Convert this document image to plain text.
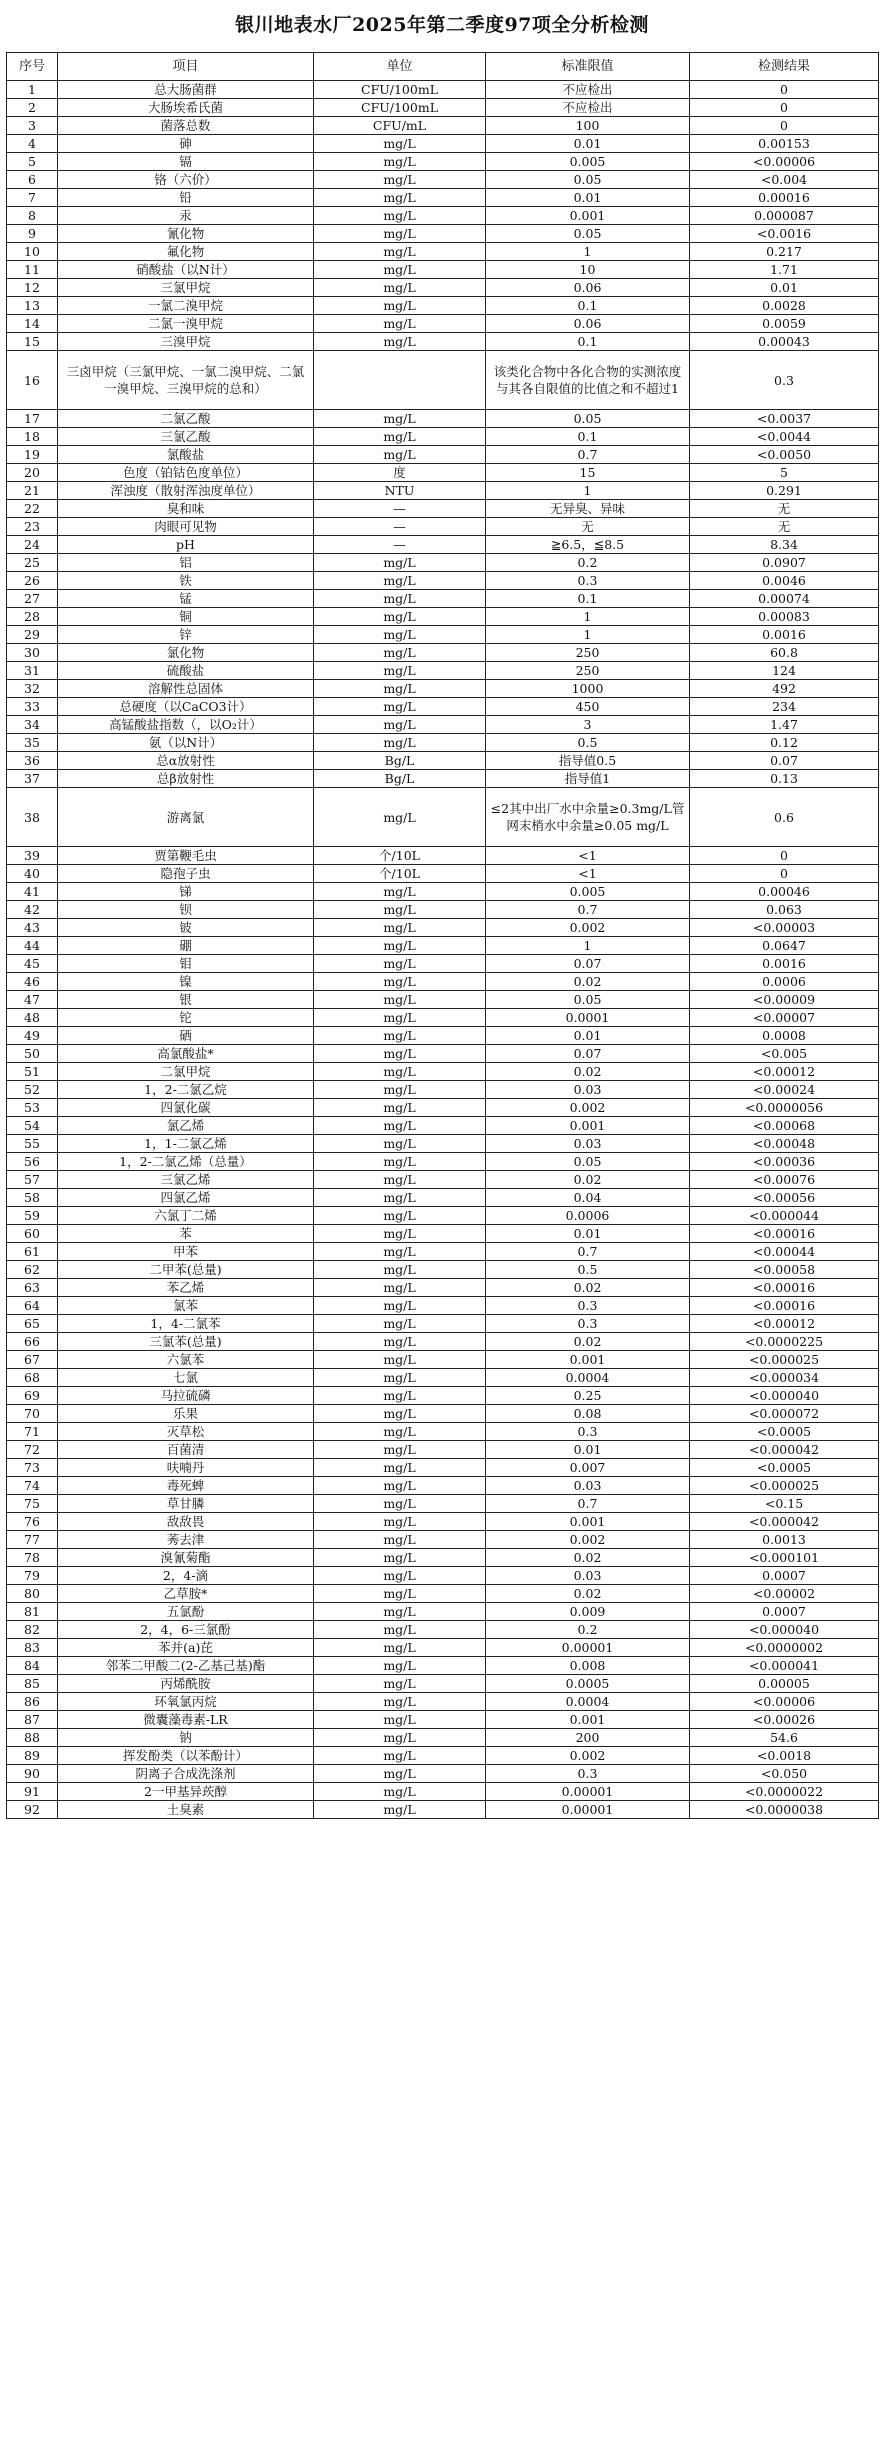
银川地表水厂2025年第二季度97项全分析检测
序号	项目	单位	标准限值	检测结果
1	总大肠菌群	CFU/100mL	不应检出	0
2	大肠埃希氏菌	CFU/100mL	不应检出	0
3	菌落总数	CFU/mL	100	0
4	砷	mg/L	0.01	0.00153
5	镉	mg/L	0.005	<0.00006
6	铬（六价）	mg/L	0.05	<0.004
7	铅	mg/L	0.01	0.00016
8	汞	mg/L	0.001	0.000087
9	氰化物	mg/L	0.05	<0.0016
10	氟化物	mg/L	1	0.217
11	硝酸盐（以N计）	mg/L	10	1.71
12	三氯甲烷	mg/L	0.06	0.01
13	一氯二溴甲烷	mg/L	0.1	0.0028
14	二氯一溴甲烷	mg/L	0.06	0.0059
15	三溴甲烷	mg/L	0.1	0.00043
16	三卤甲烷（三氯甲烷、一氯二溴甲烷、二氯一溴甲烷、三溴甲烷的总和）		该类化合物中各化合物的实测浓度与其各自限值的比值之和不超过1	0.3
17	二氯乙酸	mg/L	0.05	<0.0037
18	三氯乙酸	mg/L	0.1	<0.0044
19	氯酸盐	mg/L	0.7	<0.0050
20	色度（铂钴色度单位）	度	15	5
21	浑浊度（散射浑浊度单位）	NTU	1	0.291
22	臭和味	—	无异臭、异味	无
23	肉眼可见物	—	无	无
24	pH	—	≧6.5，≦8.5	8.34
25	铝	mg/L	0.2	0.0907
26	铁	mg/L	0.3	0.0046
27	锰	mg/L	0.1	0.00074
28	铜	mg/L	1	0.00083
29	锌	mg/L	1	0.0016
30	氯化物	mg/L	250	60.8
31	硫酸盐	mg/L	250	124
32	溶解性总固体	mg/L	1000	492
33	总硬度（以CaCO3计）	mg/L	450	234
34	高锰酸盐指数（，以O₂计）	mg/L	3	1.47
35	氨（以N计）	mg/L	0.5	0.12
36	总α放射性	Bg/L	指导值0.5	0.07
37	总β放射性	Bg/L	指导值1	0.13
38	游离氯	mg/L	≤2其中出厂水中余量≥0.3mg/L管网末梢水中余量≥0.05 mg/L	0.6
39	贾第鞭毛虫	个/10L	<1	0
40	隐孢子虫	个/10L	<1	0
41	锑	mg/L	0.005	0.00046
42	钡	mg/L	0.7	0.063
43	铍	mg/L	0.002	<0.00003
44	硼	mg/L	1	0.0647
45	钼	mg/L	0.07	0.0016
46	镍	mg/L	0.02	0.0006
47	银	mg/L	0.05	<0.00009
48	铊	mg/L	0.0001	<0.00007
49	硒	mg/L	0.01	0.0008
50	高氯酸盐*	mg/L	0.07	<0.005
51	二氯甲烷	mg/L	0.02	<0.00012
52	1，2-二氯乙烷	mg/L	0.03	<0.00024
53	四氯化碳	mg/L	0.002	<0.0000056
54	氯乙烯	mg/L	0.001	<0.00068
55	1，1-二氯乙烯	mg/L	0.03	<0.00048
56	1，2-二氯乙烯（总量）	mg/L	0.05	<0.00036
57	三氯乙烯	mg/L	0.02	<0.00076
58	四氯乙烯	mg/L	0.04	<0.00056
59	六氯丁二烯	mg/L	0.0006	<0.000044
60	苯	mg/L	0.01	<0.00016
61	甲苯	mg/L	0.7	<0.00044
62	二甲苯(总量)	mg/L	0.5	<0.00058
63	苯乙烯	mg/L	0.02	<0.00016
64	氯苯	mg/L	0.3	<0.00016
65	1，4-二氯苯	mg/L	0.3	<0.00012
66	三氯苯(总量)	mg/L	0.02	<0.0000225
67	六氯苯	mg/L	0.001	<0.000025
68	七氯	mg/L	0.0004	<0.000034
69	马拉硫磷	mg/L	0.25	<0.000040
70	乐果	mg/L	0.08	<0.000072
71	灭草松	mg/L	0.3	<0.0005
72	百菌清	mg/L	0.01	<0.000042
73	呋喃丹	mg/L	0.007	<0.0005
74	毒死蜱	mg/L	0.03	<0.000025
75	草甘膦	mg/L	0.7	<0.15
76	敌敌畏	mg/L	0.001	<0.000042
77	莠去津	mg/L	0.002	0.0013
78	溴氰菊酯	mg/L	0.02	<0.000101
79	2，4-滴	mg/L	0.03	0.0007
80	乙草胺*	mg/L	0.02	<0.00002
81	五氯酚	mg/L	0.009	0.0007
82	2，4，6-三氯酚	mg/L	0.2	<0.000040
83	苯并(a)芘	mg/L	0.00001	<0.0000002
84	邻苯二甲酸二(2-乙基己基)酯	mg/L	0.008	<0.000041
85	丙烯酰胺	mg/L	0.0005	0.00005
86	环氧氯丙烷	mg/L	0.0004	<0.00006
87	微囊藻毒素-LR	mg/L	0.001	<0.00026
88	钠	mg/L	200	54.6
89	挥发酚类（以苯酚计）	mg/L	0.002	<0.0018
90	阴离子合成洗涤剂	mg/L	0.3	<0.050
91	2一甲基异莰醇	mg/L	0.00001	<0.0000022
92	土臭素	mg/L	0.00001	<0.0000038
